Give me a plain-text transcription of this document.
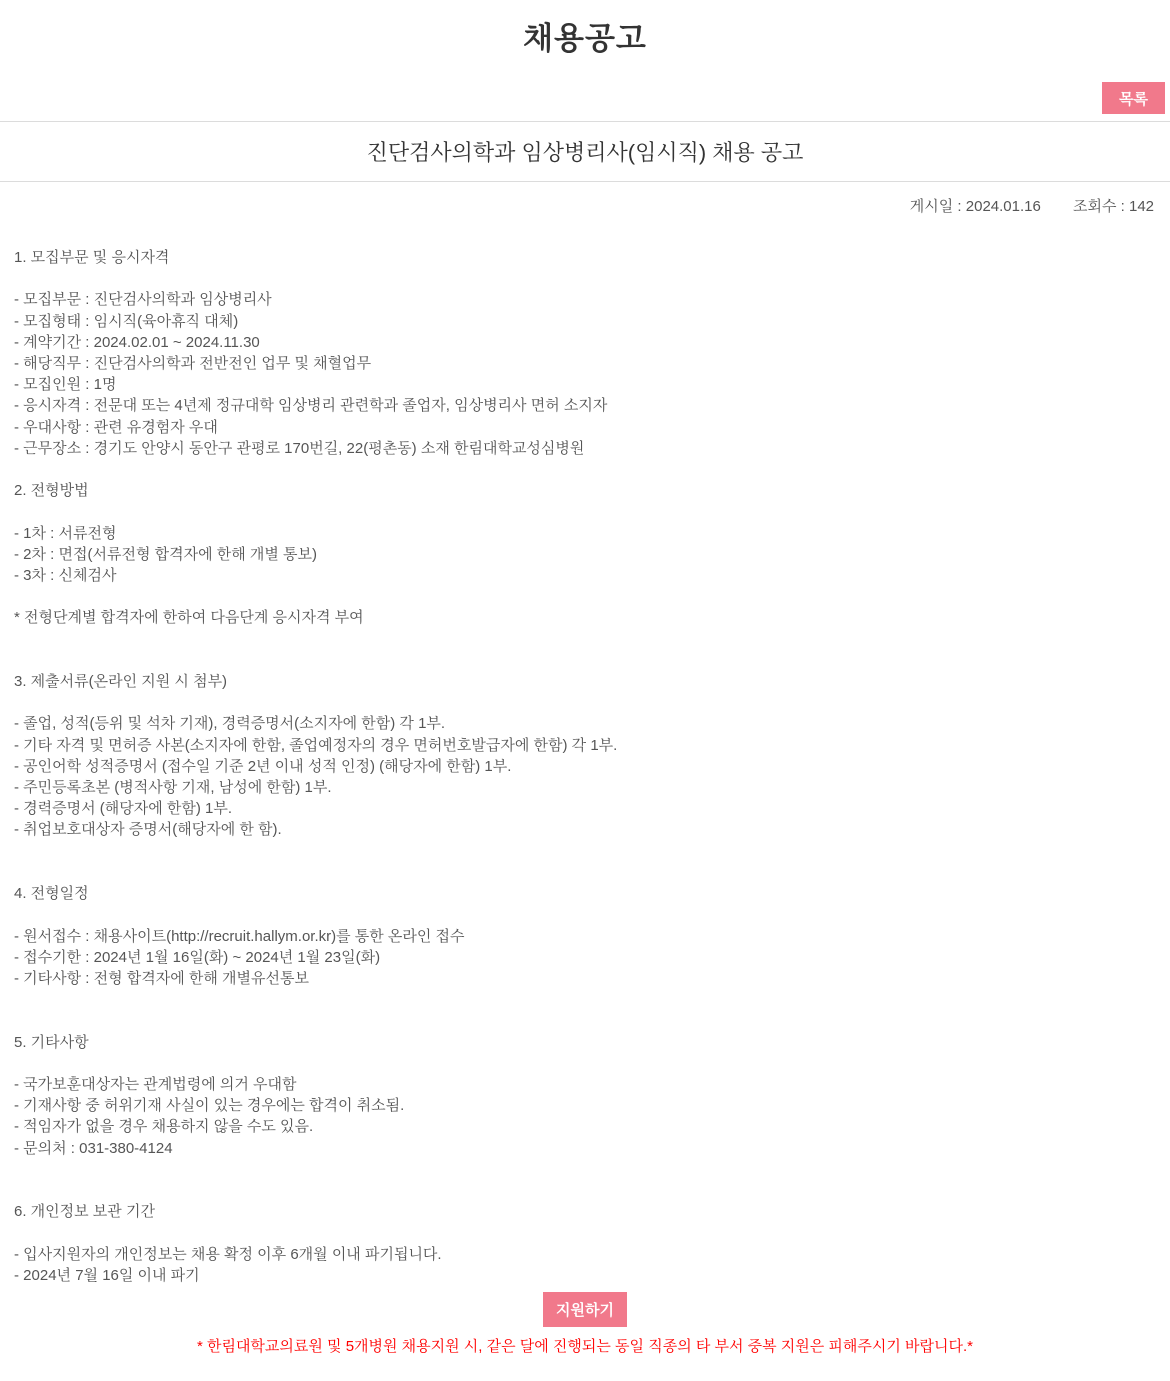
채용공고
목록
진단검사의학과 임상병리사(임시직) 채용 공고
게시일 : 2024.01.16 조회수 : 142
1. 모집부문 및 응시자격

- 모집부문 : 진단검사의학과 임상병리사
- 모집형태 : 임시직(육아휴직 대체)
- 계약기간 : 2024.02.01 ~ 2024.11.30
- 해당직무 : 진단검사의학과 전반전인 업무 및 채혈업무
- 모집인원 : 1명
- 응시자격 : 전문대 또는 4년제 정규대학 임상병리 관련학과 졸업자, 임상병리사 면허 소지자
- 우대사항 : 관련 유경험자 우대
- 근무장소 : 경기도 안양시 동안구 관평로 170번길, 22(평촌동) 소재 한림대학교성심병원

2. 전형방법

- 1차 : 서류전형
- 2차 : 면접(서류전형 합격자에 한해 개별 통보)
- 3차 : 신체검사

* 전형단계별 합격자에 한하여 다음단계 응시자격 부여

3. 제출서류(온라인 지원 시 첨부)

- 졸업, 성적(등위 및 석차 기재), 경력증명서(소지자에 한함) 각 1부.
- 기타 자격 및 면허증 사본(소지자에 한함, 졸업예정자의 경우 면허번호발급자에 한함) 각 1부.
- 공인어학 성적증명서 (접수일 기준 2년 이내 성적 인정) (해당자에 한함) 1부.
- 주민등록초본 (병적사항 기재, 남성에 한함) 1부.
- 경력증명서 (해당자에 한함) 1부.
- 취업보호대상자 증명서(해당자에 한 함).

4. 전형일정

- 원서접수 : 채용사이트(http://recruit.hallym.or.kr)를 통한 온라인 접수
- 접수기한 : 2024년 1월 16일(화) ~ 2024년 1월 23일(화)
- 기타사항 : 전형 합격자에 한해 개별유선통보

5. 기타사항

- 국가보훈대상자는 관계법령에 의거 우대함
- 기재사항 중 허위기재 사실이 있는 경우에는 합격이 취소됨.
- 적임자가 없을 경우 채용하지 않을 수도 있음.
- 문의처 : 031-380-4124

6. 개인정보 보관 기간

- 입사지원자의 개인정보는 채용 확정 이후 6개월 이내 파기됩니다.
- 2024년 7월 16일 이내 파기
지원하기
* 한림대학교의료원 및 5개병원 채용지원 시, 같은 달에 진행되는 동일 직종의 타 부서 중복 지원은 피해주시기 바랍니다.*
